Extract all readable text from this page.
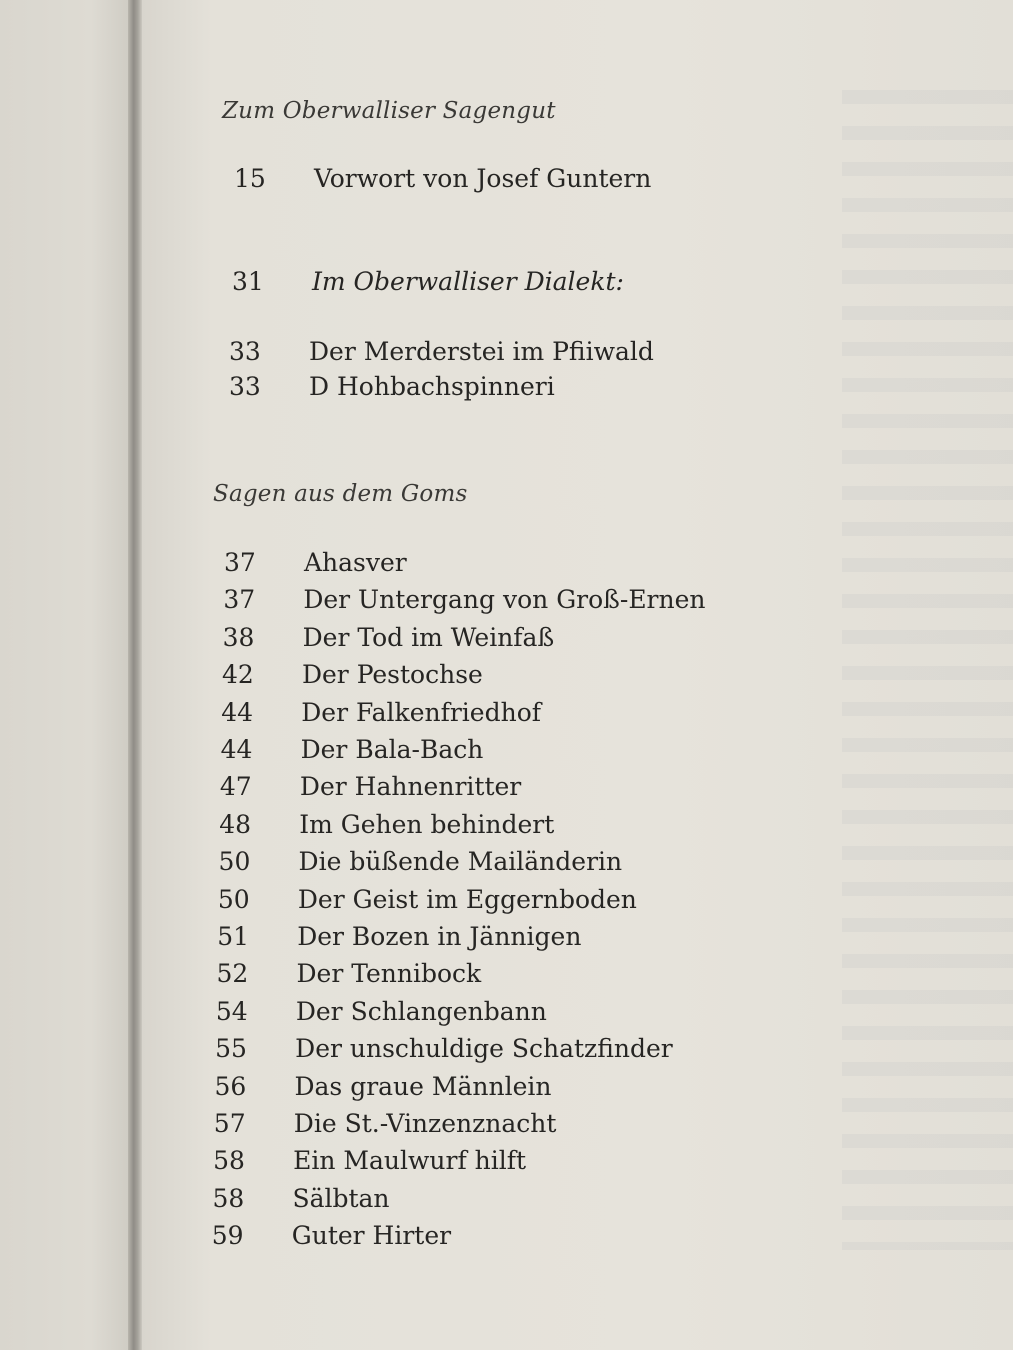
Zum Oberwalliser Sagengut
15 Vorwort von Josef Guntern
31 Im Oberwalliser Dialekt:
33 Der Merderstei im Pfiiwald
33 D Hohbachspinneri
Sagen aus dem Goms
37 Ahasver
37 Der Untergang von Groß-Ernen
38 Der Tod im Weinfaß
42 Der Pestochse
44 Der Falkenfriedhof
44 Der Bala-Bach
47 Der Hahnenritter
48 Im Gehen behindert
50 Die büßende Mailänderin
50 Der Geist im Eggernboden
51 Der Bozen in Jännigen
52 Der Tennibock
54 Der Schlangenbann
55 Der unschuldige Schatzfinder
56 Das graue Männlein
57 Die St.-Vinzenznacht
58 Ein Maulwurf hilft
58 Sälbtan
59 Guter Hirter
